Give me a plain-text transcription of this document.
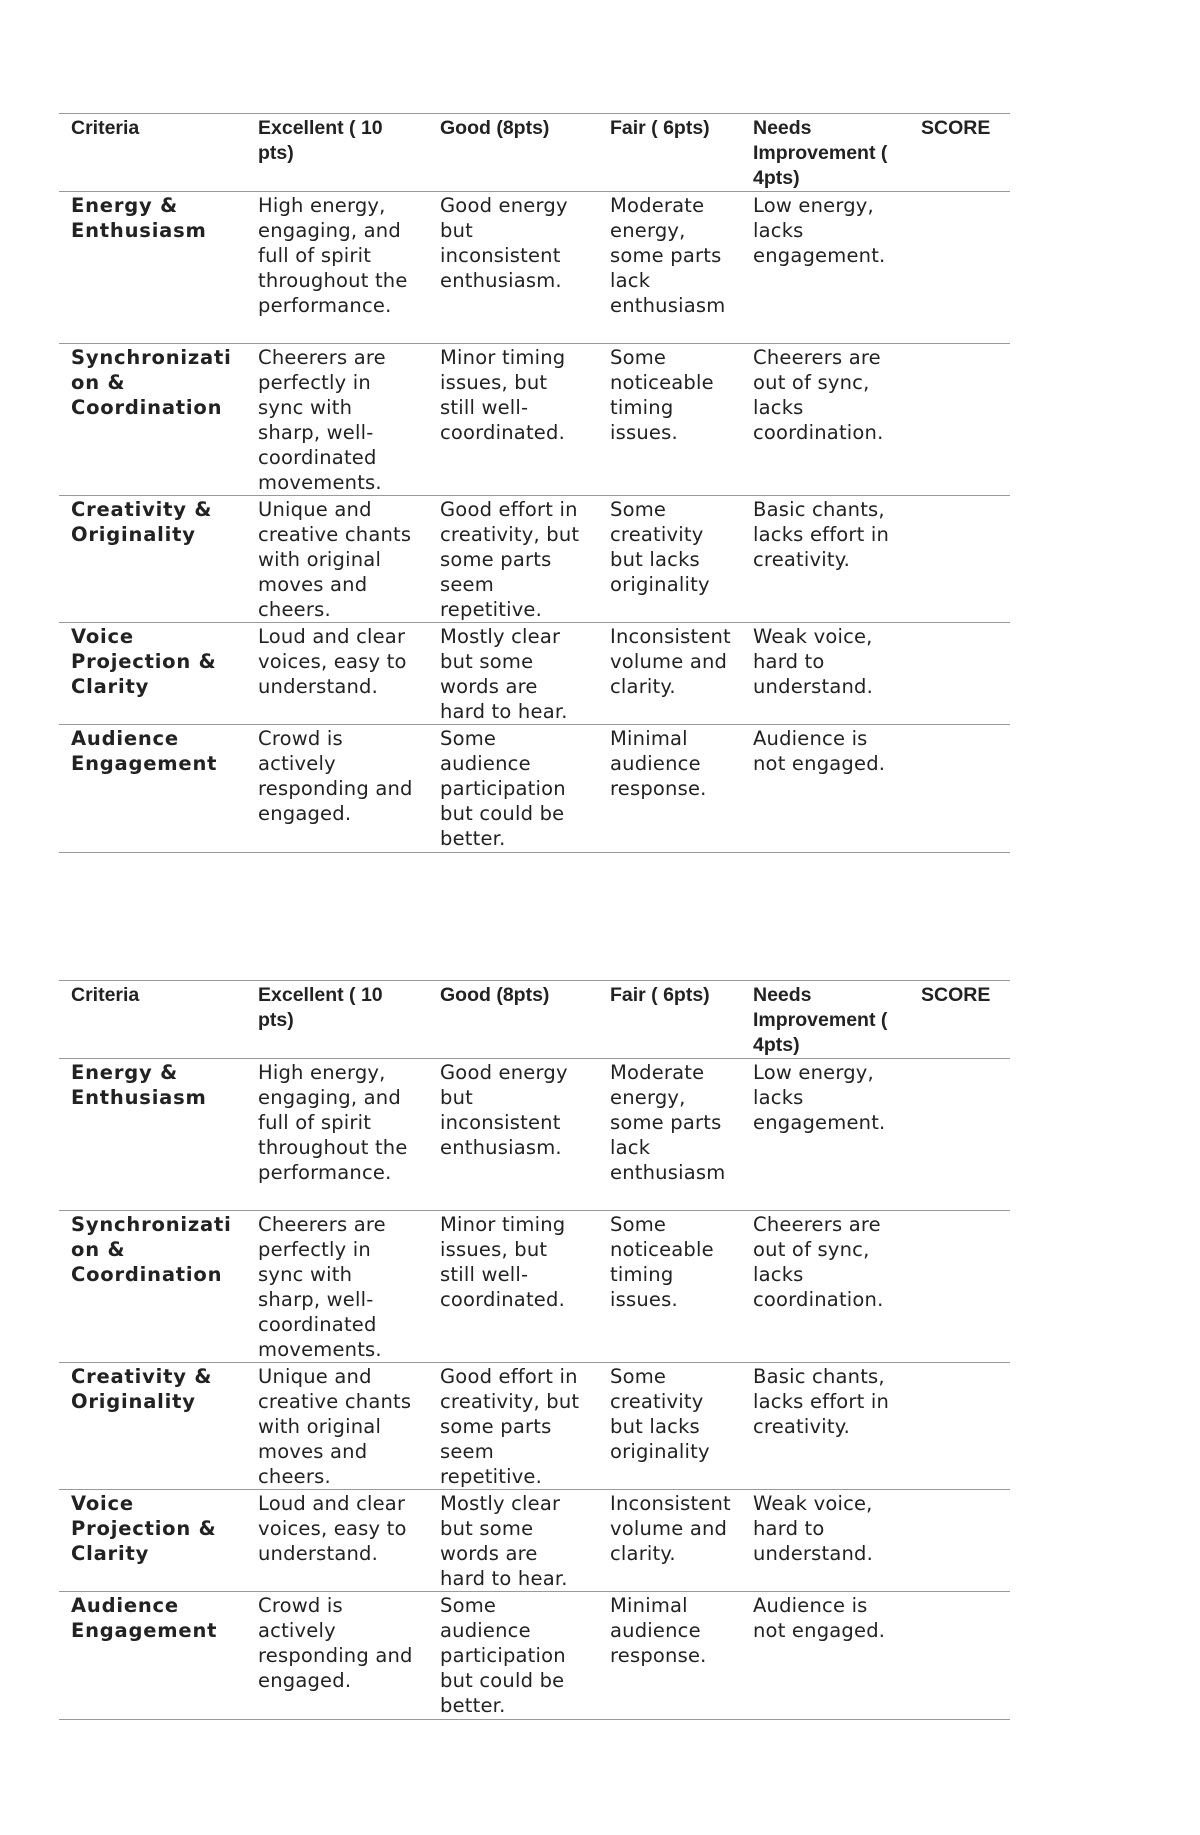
Criteria	Excellent ( 10 pts)	Good (8pts)	Fair ( 6pts)	Needs Improvement ( 4pts)	SCORE
Energy & Enthusiasm	High energy, engaging, and full of spirit throughout the performance.	Good energy but inconsistent enthusiasm.	Moderate energy, some parts lack enthusiasm	Low energy, lacks engagement.	
Synchronization & Coordination	Cheerers are perfectly in sync with sharp, well-coordinated movements.	Minor timing issues, but still well-coordinated.	Some noticeable timing issues.	Cheerers are out of sync, lacks coordination.	
Creativity & Originality	Unique and creative chants with original moves and cheers.	Good effort in creativity, but some parts seem repetitive.	Some creativity but lacks originality	Basic chants, lacks effort in creativity.	
Voice Projection & Clarity	Loud and clear voices, easy to understand.	Mostly clear but some words are hard to hear.	Inconsistent volume and clarity.	Weak voice, hard to understand.	
Audience Engagement	Crowd is actively responding and engaged.	Some audience participation but could be better.	Minimal audience response.	Audience is not engaged.	
Criteria	Excellent ( 10 pts)	Good (8pts)	Fair ( 6pts)	Needs Improvement ( 4pts)	SCORE
Energy & Enthusiasm	High energy, engaging, and full of spirit throughout the performance.	Good energy but inconsistent enthusiasm.	Moderate energy, some parts lack enthusiasm	Low energy, lacks engagement.	
Synchronization & Coordination	Cheerers are perfectly in sync with sharp, well-coordinated movements.	Minor timing issues, but still well-coordinated.	Some noticeable timing issues.	Cheerers are out of sync, lacks coordination.	
Creativity & Originality	Unique and creative chants with original moves and cheers.	Good effort in creativity, but some parts seem repetitive.	Some creativity but lacks originality	Basic chants, lacks effort in creativity.	
Voice Projection & Clarity	Loud and clear voices, easy to understand.	Mostly clear but some words are hard to hear.	Inconsistent volume and clarity.	Weak voice, hard to understand.	
Audience Engagement	Crowd is actively responding and engaged.	Some audience participation but could be better.	Minimal audience response.	Audience is not engaged.	
